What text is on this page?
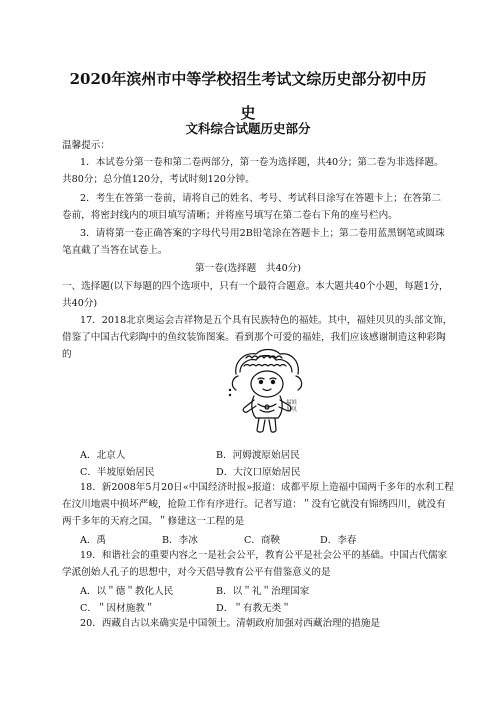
2020年滨州市中等学校招生考试文综历史部分初中历
史
文科综合试题历史部分
温馨提示：
1．本试卷分第一卷和第二卷两部分，第一卷为选择题，共40分；第二卷为非选择题。
共80分；总分值120分，考试时刻120分钟。
2．考生在答第一卷前，请将自己的姓名、考号、考试科目涂写在答题卡上；在答第二
卷前，将密封线内的项目填写清晰；并将座号填写在第二卷右下角的座号栏内。
3．请将第一卷正确答案的字母代号用2B铅笔涂在答题卡上；第二卷用蓝黑钢笔或圆珠
笔直截了当答在试卷上。
第一卷(选择题　共40分)
一、选择题(以下每题的四个选项中，只有一个最符合题意。本大题共40个小题，每题1分，
共40分)
17．2018北京奥运会吉祥物是五个具有民族特色的福娃。其中，福娃贝贝的头部文饰，
借鉴了中国古代彩陶中的鱼纹装饰图案。看到那个可爱的福娃，我们应该感谢制造这种彩陶
的
福娃贝贝
A．北京人	B．河姆渡原始居民
C．半坡原始居民	D．大汶口原始居民
18．新2008年5月20日«中国经济时报»报道：成都平原上造福中国两千多年的水利工程
在汶川地震中损坏严峻，抢险工作有序进行。记者写道：＂没有它就没有锦绣四川，就没有
两千多年的天府之国。＂修建这一工程的是
A．禹	B．李冰	C．商鞅	D．李春
19．和谐社会的重要内容之一是社会公平，教育公平是社会公平的基础。中国古代儒家
学派创始人孔子的思想中，对今天倡导教育公平有借鉴意义的是
A．以＂德＂教化人民	B．以＂礼＂治理国家
C．＂因材施教＂	D．＂有教无类＂
20．西藏自古以来确实是中国领土。清朝政府加强对西藏治理的措施是
